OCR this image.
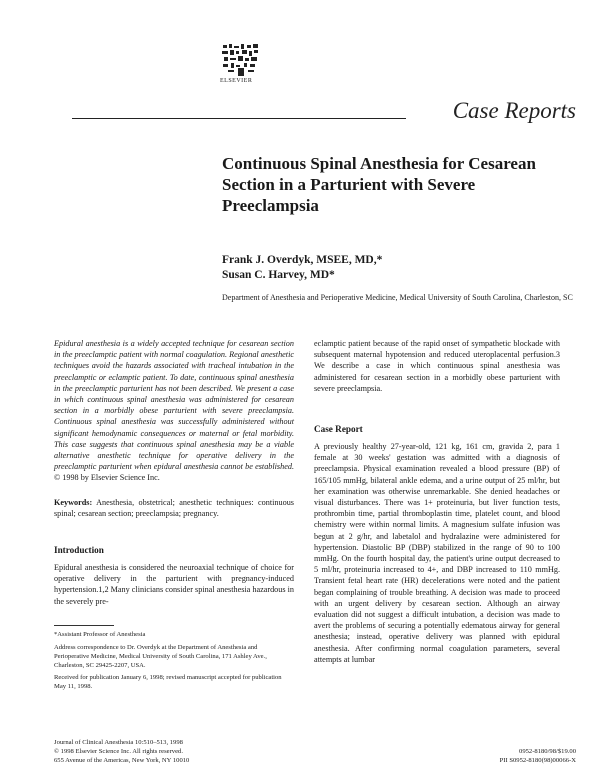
ELSEVIER
Case Reports
Continuous Spinal Anesthesia for Cesarean Section in a Parturient with Severe Preeclampsia
Frank J. Overdyk, MSEE, MD,*
Susan C. Harvey, MD*
Department of Anesthesia and Perioperative Medicine, Medical University of South Carolina, Charleston, SC
Epidural anesthesia is a widely accepted technique for cesarean section in the preeclamptic patient with normal coagulation. Regional anesthetic techniques avoid the hazards associated with tracheal intubation in the preeclamptic or eclamptic patient. To date, continuous spinal anesthesia in the preeclamptic parturient has not been described. We present a case in which continuous spinal anesthesia was administered for cesarean section in a morbidly obese parturient with severe preeclampsia. Continuous spinal anesthesia was successfully administered without significant hemodynamic consequences or maternal or fetal morbidity. This case suggests that continuous spinal anesthesia may be a viable alternative anesthetic technique for operative delivery in the preeclamptic parturient when epidural anesthesia cannot be established. © 1998 by Elsevier Science Inc.
Keywords: Anesthesia, obstetrical; anesthetic techniques: continuous spinal; cesarean section; preeclampsia; pregnancy.
Introduction
Epidural anesthesia is considered the neuroaxial technique of choice for operative delivery in the parturient with pregnancy-induced hypertension.1,2 Many clinicians consider spinal anesthesia hazardous in the severely pre-
*Assistant Professor of Anesthesia
Address correspondence to Dr. Overdyk at the Department of Anesthesia and Perioperative Medicine, Medical University of South Carolina, 171 Ashley Ave., Charleston, SC 29425-2207, USA.
Received for publication January 6, 1998; revised manuscript accepted for publication May 11, 1998.
Journal of Clinical Anesthesia 10:510–513, 1998
© 1998 Elsevier Science Inc. All rights reserved.
655 Avenue of the Americas, New York, NY 10010
eclamptic patient because of the rapid onset of sympathetic blockade with subsequent maternal hypotension and reduced uteroplacental perfusion.3 We describe a case in which continuous spinal anesthesia was administered for cesarean section in a morbidly obese parturient with severe preeclampsia.
Case Report
A previously healthy 27-year-old, 121 kg, 161 cm, gravida 2, para 1 female at 30 weeks' gestation was admitted with a diagnosis of preeclampsia. Physical examination revealed a blood pressure (BP) of 165/105 mmHg, bilateral ankle edema, and a urine output of 25 ml/hr, but her examination was otherwise unremarkable. She denied headaches or visual disturbances. There was 1+ proteinuria, but liver function tests, prothrombin time, partial thromboplastin time, platelet count, and blood chemistry were within normal limits. A magnesium sulfate infusion was begun at 2 g/hr, and labetalol and hydralazine were administered for hypertension. Diastolic BP (DBP) stabilized in the range of 90 to 100 mmHg. On the fourth hospital day, the patient's urine output decreased to 5 ml/hr, proteinuria increased to 4+, and DBP increased to 110 mmHg. Transient fetal heart rate (HR) decelerations were noted and the patient began complaining of trouble breathing. A decision was made to proceed with an urgent delivery by cesarean section. Although an airway evaluation did not suggest a difficult intubation, a decision was made to avert the problems of securing a potentially edematous airway for general anesthesia; instead, operative delivery was planned with epidural anesthesia. After confirming normal coagulation parameters, several attempts at lumbar
0952-8180/98/$19.00
PII S0952-8180(98)00066-X
